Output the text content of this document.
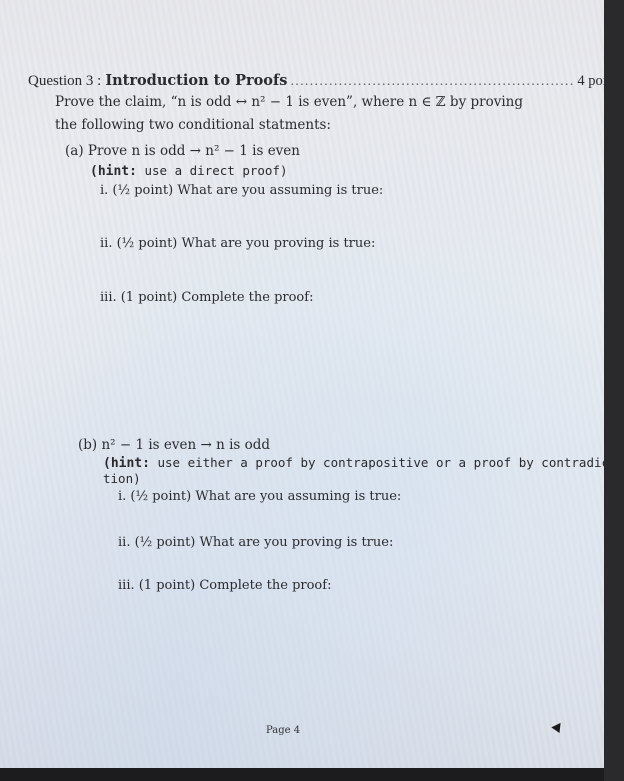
Question 3 : Introduction to Proofs ........................................................... 4 points
Prove the claim, “n is odd ↔ n² − 1 is even”, where n ∈ ℤ by proving
the following two conditional statments:
(a) Prove n is odd → n² − 1 is even
(hint: use a direct proof)
i. (½ point) What are you assuming is true:
ii. (½ point) What are you proving is true:
iii. (1 point) Complete the proof:
(b) n² − 1 is even → n is odd
(hint: use either a proof by contrapositive or a proof by contradic-
tion)
i. (½ point) What are you assuming is true:
ii. (½ point) What are you proving is true:
iii. (1 point) Complete the proof:
Page 4
